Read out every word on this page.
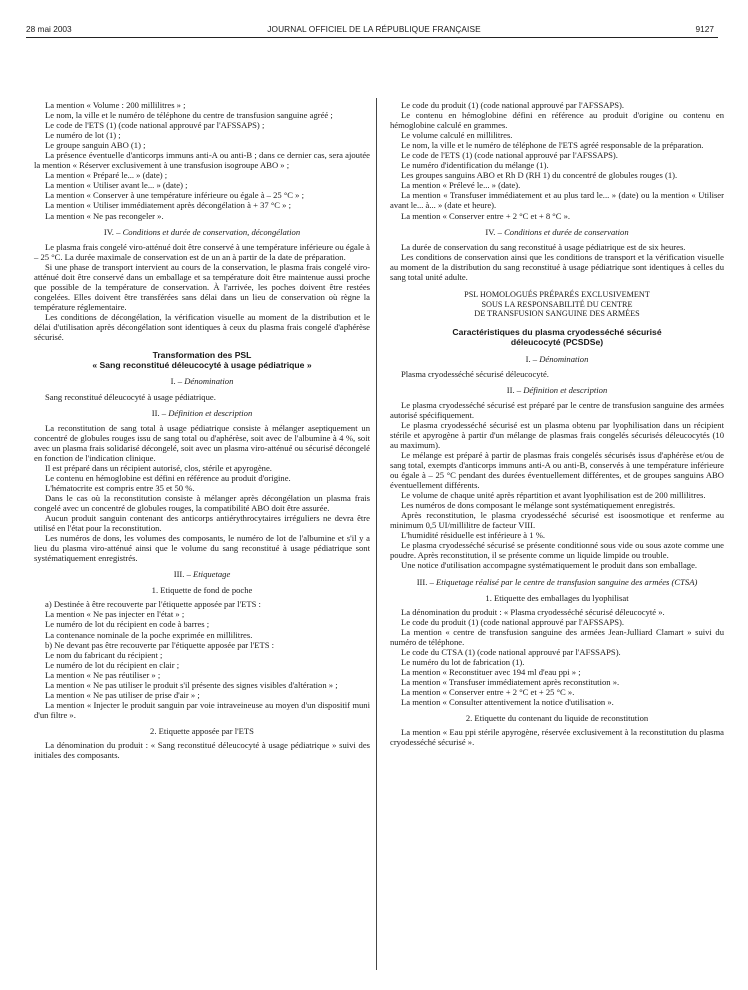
28 mai 2003	JOURNAL OFFICIEL DE LA RÉPUBLIQUE FRANÇAISE	9127

La mention « Volume : 200 millilitres » ;

Le nom, la ville et le numéro de téléphone du centre de transfusion sanguine agréé ;

Le code de l'ETS (1) (code national approuvé par l'AFSSAPS) ;

Le numéro de lot (1) ;

Le groupe sanguin ABO (1) ;

La présence éventuelle d'anticorps immuns anti-A ou anti-B ; dans ce dernier cas, sera ajoutée la mention « Réserver exclusivement à une transfusion isogroupe ABO » ;

La mention « Préparé le... » (date) ;

La mention « Utiliser avant le... » (date) ;

La mention « Conserver à une température inférieure ou égale à – 25 °C » ;

La mention « Utiliser immédiatement après décongélation à + 37 °C » ;

La mention « Ne pas recongeler ».

IV. – Conditions et durée de conservation, décongélation

Le plasma frais congelé viro-atténué doit être conservé à une température inférieure ou égale à – 25 °C. La durée maximale de conservation est de un an à partir de la date de préparation.

Si une phase de transport intervient au cours de la conservation, le plasma frais congelé viro-atténué doit être conservé dans un emballage et sa température doit être maintenue aussi proche que possible de la température de conservation. À l'arrivée, les poches doivent être restées congelées. Elles doivent être transférées sans délai dans un lieu de conservation où règne la température réglementaire.

Les conditions de décongélation, la vérification visuelle au moment de la distribution et le délai d'utilisation après décongélation sont identiques à ceux du plasma frais congelé d'aphérèse sécurisé.

Transformation des PSL
« Sang reconstitué déleucocyté à usage pédiatrique »
I. – Dénomination

Sang reconstitué déleucocyté à usage pédiatrique.

II. – Définition et description

La reconstitution de sang total à usage pédiatrique consiste à mélanger aseptiquement un concentré de globules rouges issu de sang total ou d'aphérèse, soit avec de l'albumine à 4 %, soit avec un plasma frais solidarisé décongelé, soit avec un plasma viro-atténué ou sécurisé décongelé en fonction de l'indication clinique.

Il est préparé dans un récipient autorisé, clos, stérile et apyrogène.

Le contenu en hémoglobine est défini en référence au produit d'origine.

L'hématocrite est compris entre 35 et 50 %.

Dans le cas où la reconstitution consiste à mélanger après décongélation un plasma frais congelé avec un concentré de globules rouges, la compatibilité ABO doit être assurée.

Aucun produit sanguin contenant des anticorps antiérythrocytaires irréguliers ne devra être utilisé en l'état pour la reconstitution.

Les numéros de dons, les volumes des composants, le numéro de lot de l'albumine et s'il y a lieu du plasma viro-atténué ainsi que le volume du sang reconstitué à usage pédiatrique sont systématiquement enregistrés.

III. – Etiquetage
1. Etiquette de fond de poche

a) Destinée à être recouverte par l'étiquette apposée par l'ETS :

La mention « Ne pas injecter en l'état » ;

Le numéro de lot du récipient en code à barres ;

La contenance nominale de la poche exprimée en millilitres.

b) Ne devant pas être recouverte par l'étiquette apposée par l'ETS :

Le nom du fabricant du récipient ;

Le numéro de lot du récipient en clair ;

La mention « Ne pas réutiliser » ;

La mention « Ne pas utiliser le produit s'il présente des signes visibles d'altération » ;

La mention « Ne pas utiliser de prise d'air » ;

La mention « Injecter le produit sanguin par voie intraveineuse au moyen d'un dispositif muni d'un filtre ».

2. Etiquette apposée par l'ETS

La dénomination du produit : « Sang reconstitué déleucocyté à usage pédiatrique » suivi des initiales des composants.

Le code du produit (1) (code national approuvé par l'AFSSAPS).

Le contenu en hémoglobine défini en référence au produit d'origine ou contenu en hémoglobine calculé en grammes.

Le volume calculé en millilitres.

Le nom, la ville et le numéro de téléphone de l'ETS agréé responsable de la préparation.

Le code de l'ETS (1) (code national approuvé par l'AFSSAPS).

Le numéro d'identification du mélange (1).

Les groupes sanguins ABO et Rh D (RH 1) du concentré de globules rouges (1).

La mention « Prélevé le... » (date).

La mention « Transfuser immédiatement et au plus tard le... » (date) ou la mention « Utiliser avant le... à... » (date et heure).

La mention « Conserver entre + 2 °C et + 8 °C ».

IV. – Conditions et durée de conservation

La durée de conservation du sang reconstitué à usage pédiatrique est de six heures.

Les conditions de conservation ainsi que les conditions de transport et la vérification visuelle au moment de la distribution du sang reconstitué à usage pédiatrique sont identiques à celles du sang total unité adulte.

PSL HOMOLOGUÉS PRÉPARÉS EXCLUSIVEMENT
SOUS LA RESPONSABILITÉ DU CENTRE
DE TRANSFUSION SANGUINE DES ARMÉES
Caractéristiques du plasma cryodesséché sécurisé
déleucocyté (PCSDSe)
I. – Dénomination

Plasma cryodesséché sécurisé déleucocyté.

II. – Définition et description

Le plasma cryodesséché sécurisé est préparé par le centre de transfusion sanguine des armées autorisé spécifiquement.

Le plasma cryodesséché sécurisé est un plasma obtenu par lyophilisation dans un récipient stérile et apyrogène à partir d'un mélange de plasmas frais congelés sécurisés déleucocytés (10 au maximum).

Le mélange est préparé à partir de plasmas frais congelés sécurisés issus d'aphérèse et/ou de sang total, exempts d'anticorps immuns anti-A ou anti-B, conservés à une température inférieure ou égale à – 25 °C pendant des durées éventuellement différentes, et de groupes sanguins ABO éventuellement différents.

Le volume de chaque unité après répartition et avant lyophilisation est de 200 millilitres.

Les numéros de dons composant le mélange sont systématiquement enregistrés.

Après reconstitution, le plasma cryodesséché sécurisé est isoosmotique et renferme au minimum 0,5 UI/millilitre de facteur VIII.

L'humidité résiduelle est inférieure à 1 %.

Le plasma cryodesséché sécurisé se présente conditionné sous vide ou sous azote comme une poudre. Après reconstitution, il se présente comme un liquide limpide ou trouble.

Une notice d'utilisation accompagne systématiquement le produit dans son emballage.

III. – Etiquetage réalisé par le centre de transfusion sanguine des armées (CTSA)
1. Etiquette des emballages du lyophilisat

La dénomination du produit : « Plasma cryodesséché sécurisé déleucocyté ».

Le code du produit (1) (code national approuvé par l'AFSSAPS).

La mention « centre de transfusion sanguine des armées Jean-Julliard Clamart » suivi du numéro de téléphone.

Le code du CTSA (1) (code national approuvé par l'AFSSAPS).

Le numéro du lot de fabrication (1).

La mention « Reconstituer avec 194 ml d'eau ppi » ;

La mention « Transfuser immédiatement après reconstitution ».

La mention « Conserver entre + 2 °C et + 25 °C ».

La mention « Consulter attentivement la notice d'utilisation ».

2. Etiquette du contenant du liquide de reconstitution

La mention « Eau ppi stérile apyrogène, réservée exclusivement à la reconstitution du plasma cryodesséché sécurisé ».
